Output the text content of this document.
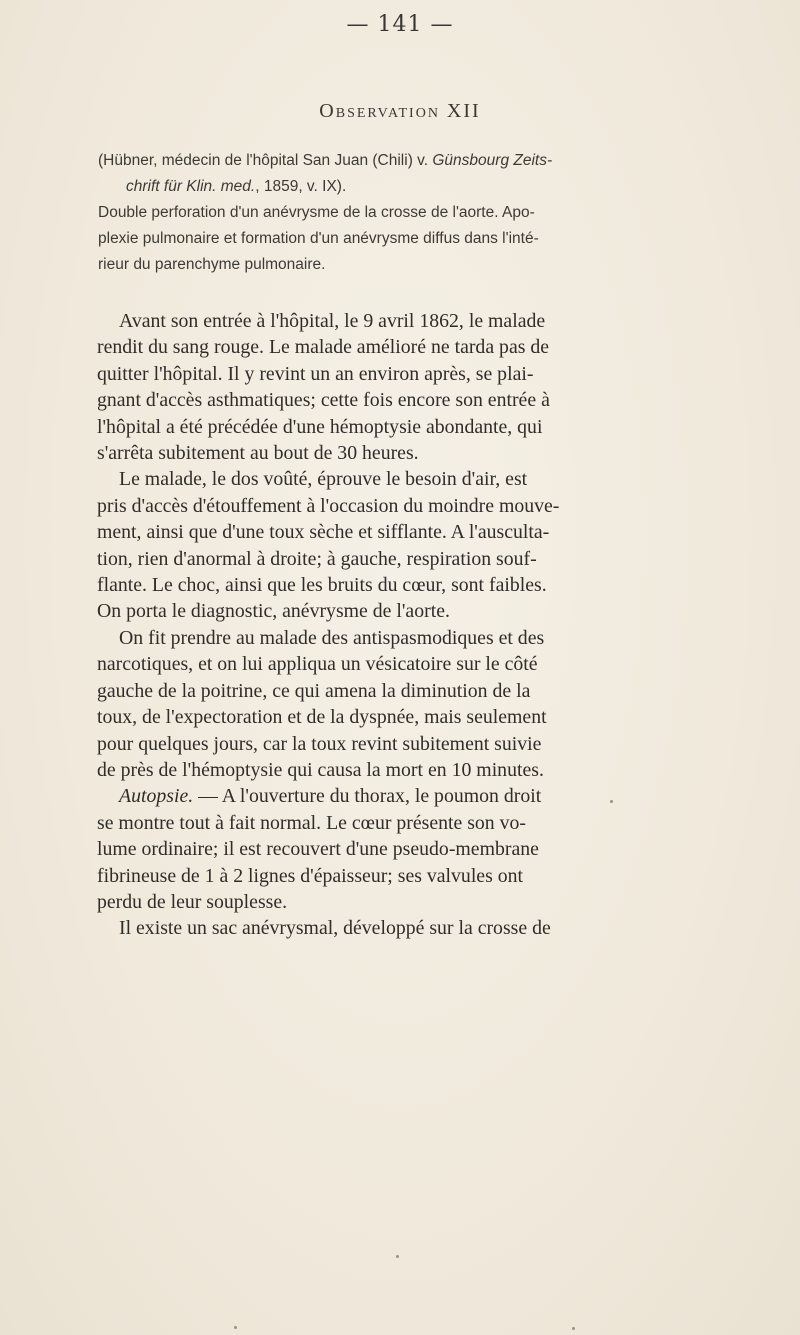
— 141 —
Observation XII
(Hübner, médecin de l'hôpital San Juan (Chili) v. Günsbourg Zeits-
chrift für Klin. med., 1859, v. IX).
Double perforation d'un anévrysme de la crosse de l'aorte. Apo-
plexie pulmonaire et formation d'un anévrysme diffus dans l'inté-
rieur du parenchyme pulmonaire.
Avant son entrée à l'hôpital, le 9 avril 1862, le malade
rendit du sang rouge. Le malade amélioré ne tarda pas de
quitter l'hôpital. Il y revint un an environ après, se plai-
gnant d'accès asthmatiques; cette fois encore son entrée à
l'hôpital a été précédée d'une hémoptysie abondante, qui
s'arrêta subitement au bout de 30 heures.
Le malade, le dos voûté, éprouve le besoin d'air, est
pris d'accès d'étouffement à l'occasion du moindre mouve-
ment, ainsi que d'une toux sèche et sifflante. A l'ausculta-
tion, rien d'anormal à droite; à gauche, respiration souf-
flante. Le choc, ainsi que les bruits du cœur, sont faibles.
On porta le diagnostic, anévrysme de l'aorte.
On fit prendre au malade des antispasmodiques et des
narcotiques, et on lui appliqua un vésicatoire sur le côté
gauche de la poitrine, ce qui amena la diminution de la
toux, de l'expectoration et de la dyspnée, mais seulement
pour quelques jours, car la toux revint subitement suivie
de près de l'hémoptysie qui causa la mort en 10 minutes.
Autopsie. — A l'ouverture du thorax, le poumon droit
se montre tout à fait normal. Le cœur présente son vo-
lume ordinaire; il est recouvert d'une pseudo-membrane
fibrineuse de 1 à 2 lignes d'épaisseur; ses valvules ont
perdu de leur souplesse.
Il existe un sac anévrysmal, développé sur la crosse de
